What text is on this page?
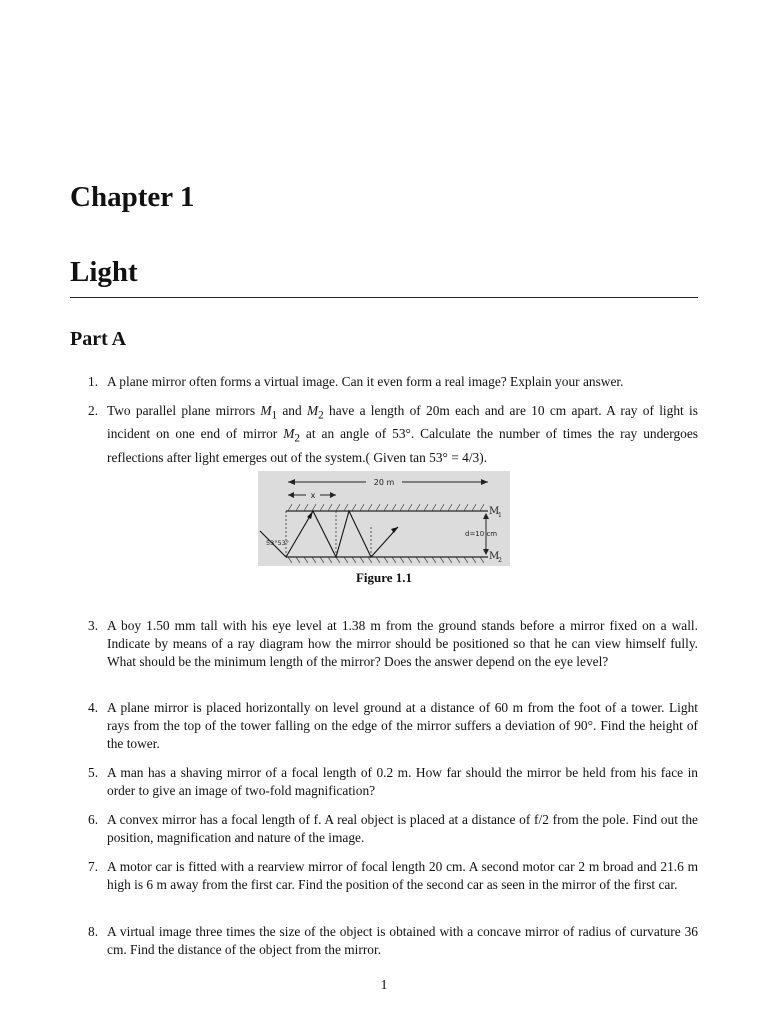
Chapter 1
Light
Part A
1. A plane mirror often forms a virtual image. Can it even form a real image? Explain your answer.
2. Two parallel plane mirrors $M_1$ and $M_2$ have a length of 20m each and are 10 cm apart. A ray of light is incident on one end of mirror $M_2$ at an angle of 53°. Calculate the number of times the ray undergoes reflections after light emerges out of the system.( Given tan 53° = 4/3).
20 m
x
M
1
M
2
d=10 cm
53°53°
Figure 1.1
3. A boy 1.50 mm tall with his eye level at 1.38 m from the ground stands before a mirror fixed on a wall. Indicate by means of a ray diagram how the mirror should be positioned so that he can view himself fully. What should be the minimum length of the mirror? Does the answer depend on the eye level?
4. A plane mirror is placed horizontally on level ground at a distance of 60 m from the foot of a tower. Light rays from the top of the tower falling on the edge of the mirror suffers a deviation of 90°. Find the height of the tower.
5. A man has a shaving mirror of a focal length of 0.2 m. How far should the mirror be held from his face in order to give an image of two-fold magnification?
6. A convex mirror has a focal length of f. A real object is placed at a distance of f/2 from the pole. Find out the position, magnification and nature of the image.
7. A motor car is fitted with a rearview mirror of focal length 20 cm. A second motor car 2 m broad and 21.6 m high is 6 m away from the first car. Find the position of the second car as seen in the mirror of the first car.
8. A virtual image three times the size of the object is obtained with a concave mirror of radius of curvature 36 cm. Find the distance of the object from the mirror.
1
